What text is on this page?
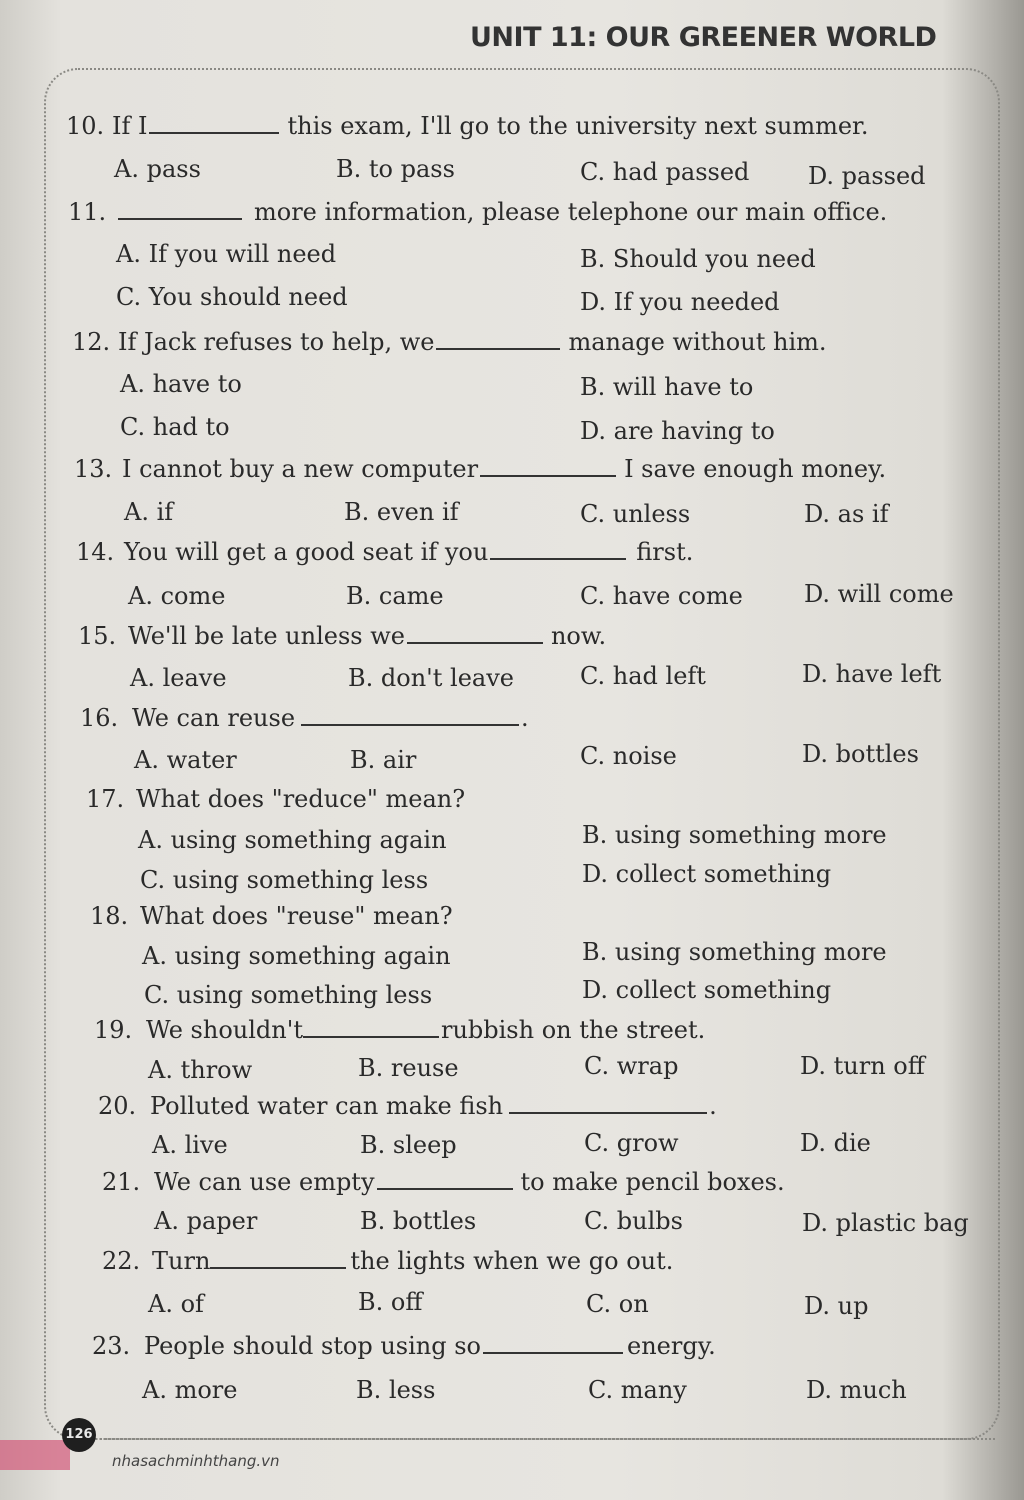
UNIT 11: OUR GREENER WORLD
10. If I	this exam, I'll go to the university next summer.
A. pass	B. to pass	C. had passed D. passed
11.	more information, please telephone our main office.
A. If you will need	B. Should you need
C. You should need	D. If you needed
12. If Jack refuses to help, we	manage without him.
A. have to	B. will have to
C. had to	D. are having to
13. I cannot buy a new computer	I save enough money.
A. if	B. even if	C. unless	D. as if
14. You will get a good seat if you	first.
A. come	B. came	C. have come	D. will come
15. We'll be late unless we	now.
A. leave	B. don't leave	C. had left	D. have left
16. We can reuse	.
A. water	B. air	C. noise	D. bottles
17. What does "reduce" mean?
A. using something again	B. using something more
C. using something less	D. collect something
18. What does "reuse" mean?
A. using something again	B. using something more
C. using something less	D. collect something
19. We shouldn't	rubbish on the street.
A. throw	B. reuse	C. wrap	D. turn off
20. Polluted water can make fish	.
A. live	B. sleep	C. grow	D. die
21. We can use empty	to make pencil boxes.
A. paper	B. bottles	C. bulbs	D. plastic bag
22. Turn	the lights when we go out.
A. of	B. off	C. on	D. up
23. People should stop using so	energy.
A. more	B. less	C. many	D. much
126
nhasachminhthang.vn
